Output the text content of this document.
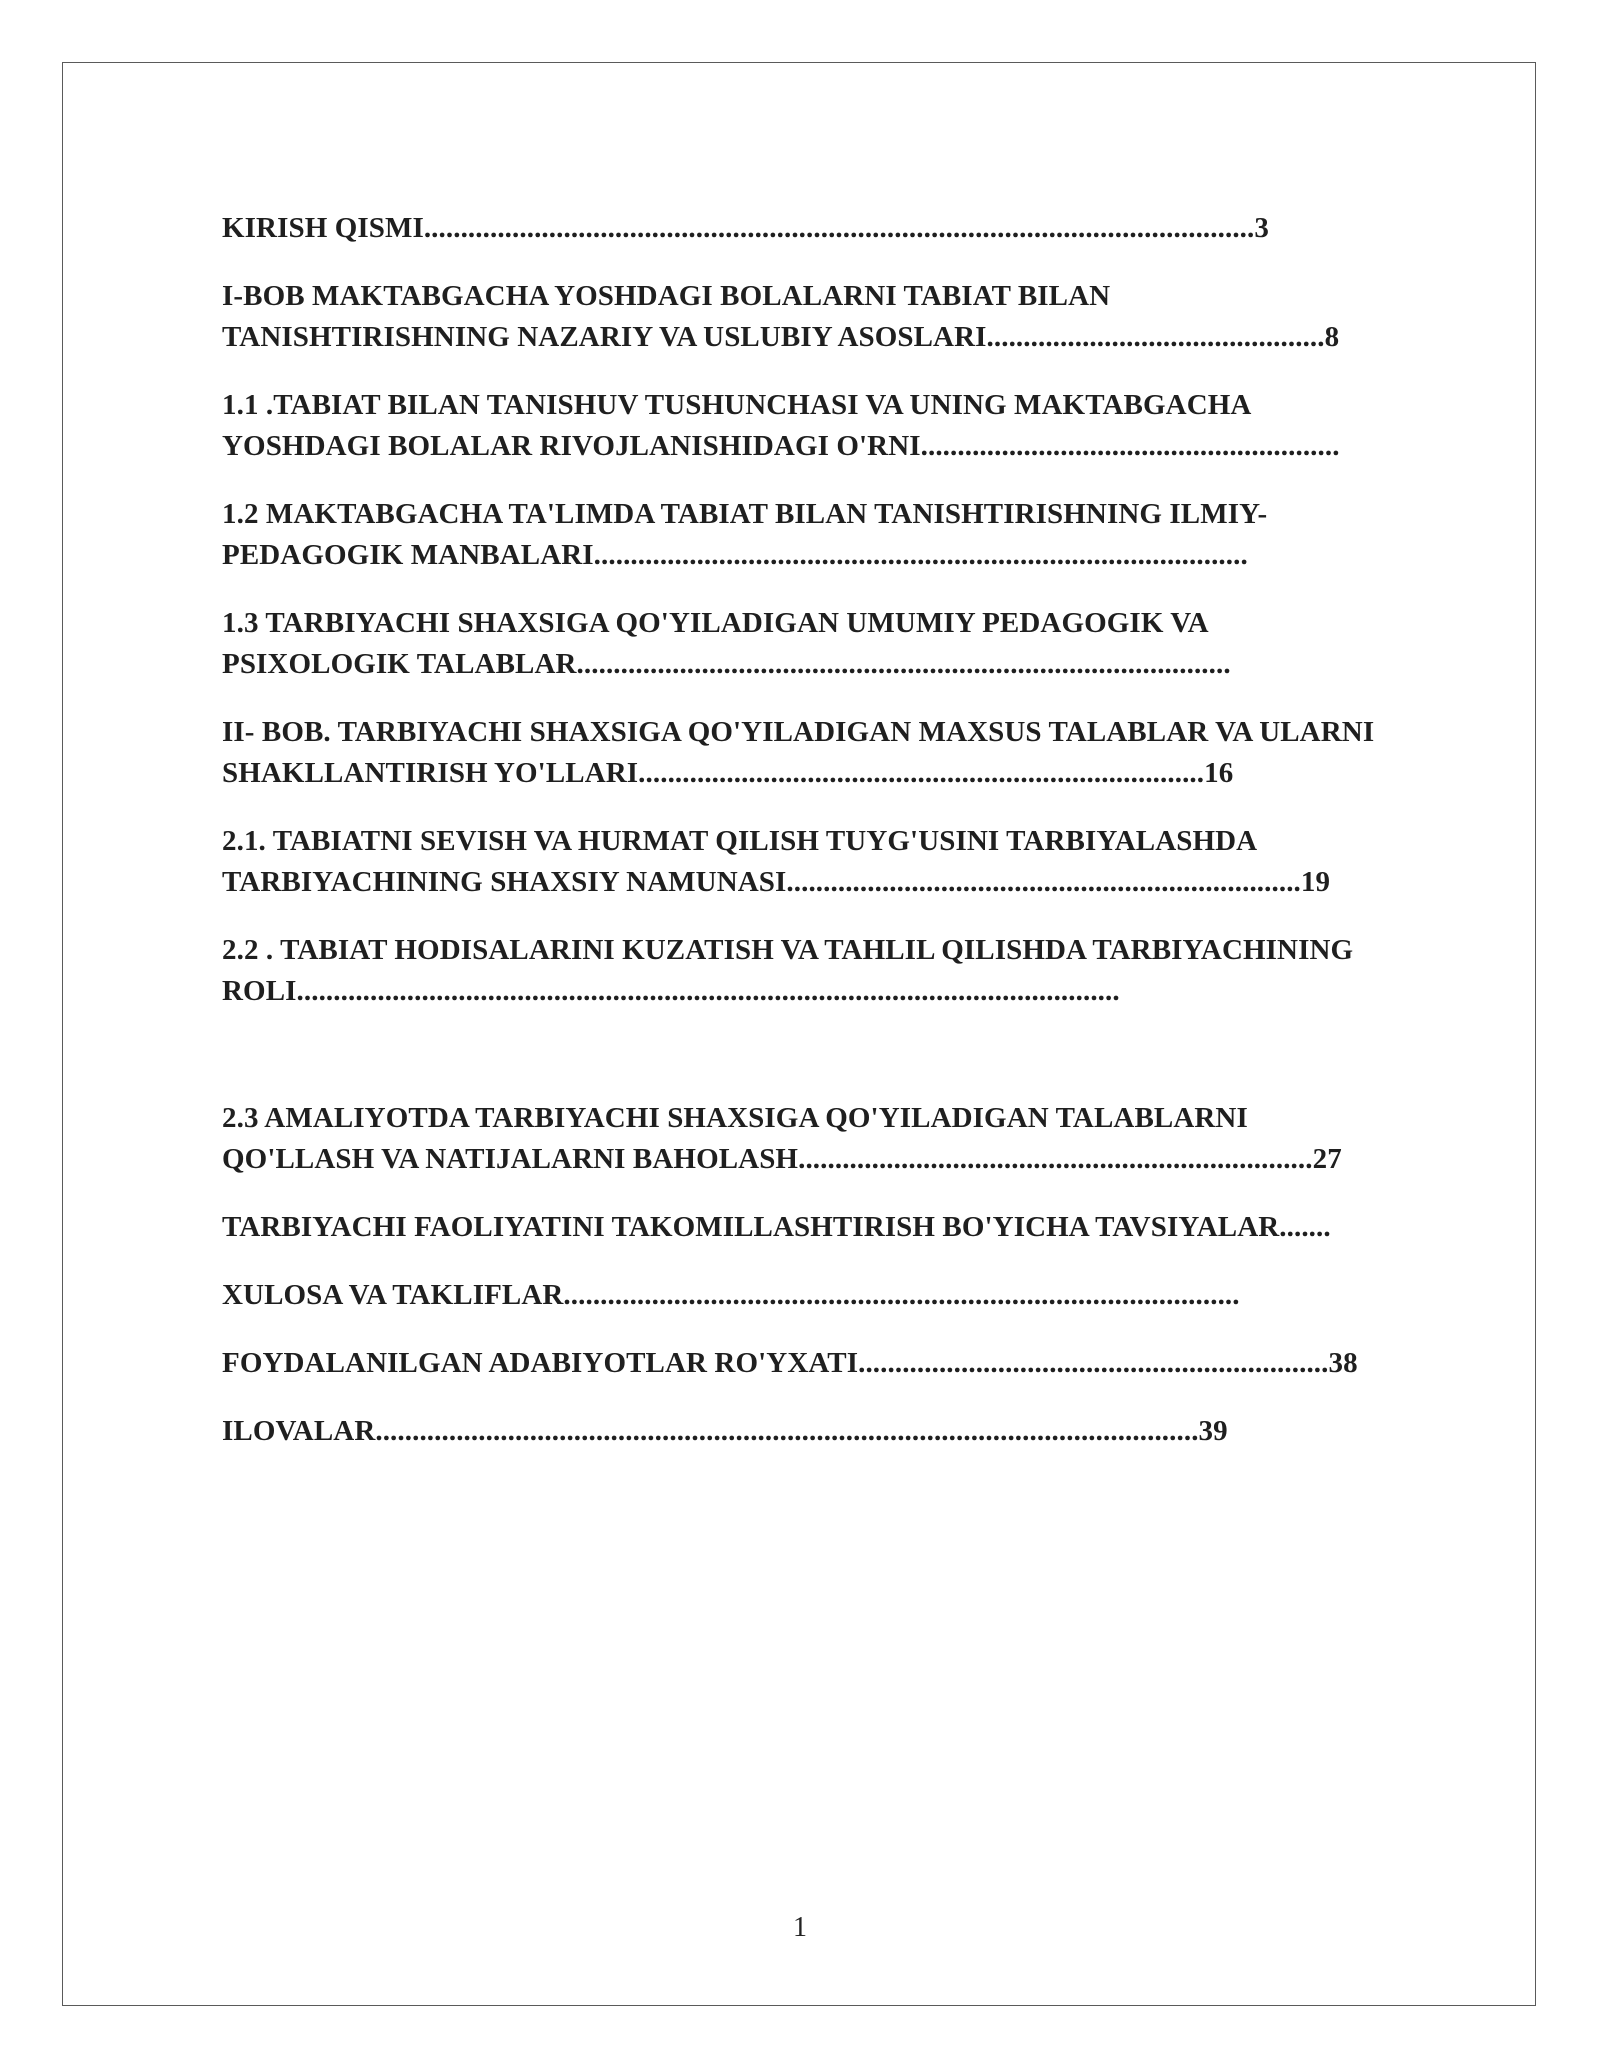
KIRISH QISMI.................................................................................................................3
I-BOB MAKTABGACHA YOSHDAGI BOLALARNI TABIAT BILAN
TANISHTIRISHNING NAZARIY VA USLUBIY ASOSLARI..............................................8
1.1 .TABIAT BILAN TANISHUV TUSHUNCHASI VA UNING MAKTABGACHA
YOSHDAGI BOLALAR RIVOJLANISHIDAGI O'RNI.........................................................
1.2 MAKTABGACHA TA'LIMDA TABIAT BILAN TANISHTIRISHNING ILMIY-
PEDAGOGIK MANBALARI.........................................................................................
1.3 TARBIYACHI SHAXSIGA QO'YILADIGAN UMUMIY PEDAGOGIK VA
PSIXOLOGIK TALABLAR.........................................................................................
II- BOB. TARBIYACHI SHAXSIGA QO'YILADIGAN MAXSUS TALABLAR VA ULARNI
SHAKLLANTIRISH YO'LLARI.............................................................................16
2.1. TABIATNI SEVISH VA HURMAT QILISH TUYG'USINI TARBIYALASHDA
TARBIYACHINING SHAXSIY NAMUNASI......................................................................19
2.2 . TABIAT HODISALARINI KUZATISH VA TAHLIL QILISHDA TARBIYACHINING
ROLI................................................................................................................
2.3 AMALIYOTDA TARBIYACHI SHAXSIGA QO'YILADIGAN TALABLARNI
QO'LLASH VA NATIJALARNI BAHOLASH......................................................................27
TARBIYACHI FAOLIYATINI TAKOMILLASHTIRISH BO'YICHA TAVSIYALAR.......
XULOSA VA TAKLIFLAR............................................................................................
FOYDALANILGAN ADABIYOTLAR RO'YXATI................................................................38
ILOVALAR................................................................................................................39
1
